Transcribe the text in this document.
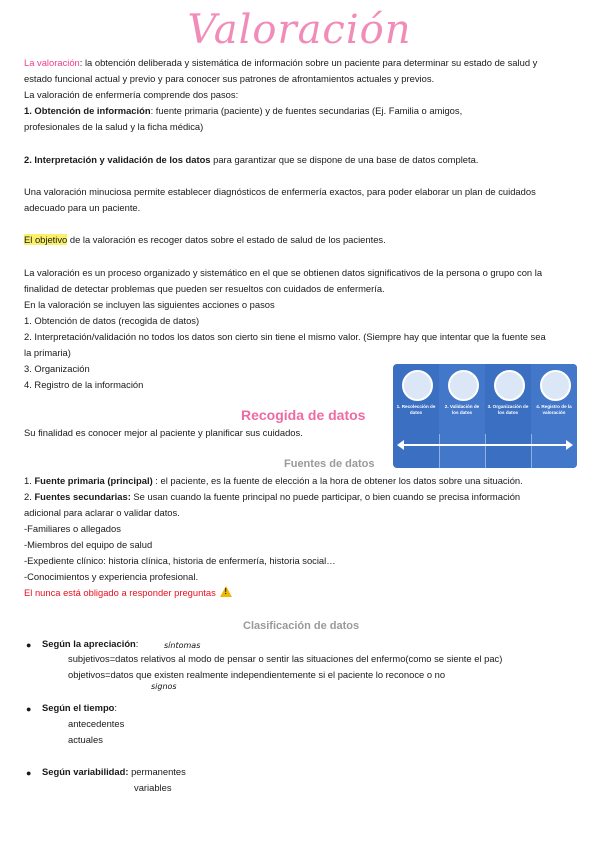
Valoración
La valoración: la obtención deliberada y sistemática de información sobre un paciente para determinar su estado de salud y
estado funcional actual y previo y para conocer sus patrones de afrontamientos actuales y previos.
La valoración de enfermería comprende dos pasos:
1. Obtención de información: fuente primaria (paciente) y de fuentes secundarias (Ej. Familia o amigos,
profesionales de la salud y la ficha médica)
2. Interpretación y validación de los datos para garantizar que se dispone de una base de datos completa.
Una valoración minuciosa permite establecer diagnósticos de enfermería exactos, para poder elaborar un plan de cuidados
adecuado para un paciente.
El objetivo de la valoración es recoger datos sobre el estado de salud de los pacientes.
La valoración es un proceso organizado y sistemático en el que se obtienen datos significativos de la persona o grupo con la
finalidad de detectar problemas que pueden ser resueltos con cuidados de enfermería.
En la valoración se incluyen las siguientes acciones o pasos
1. Obtención de datos (recogida de datos)
2. Interpretación/validación no todos los datos son cierto sin tiene el mismo valor. (Siempre hay que intentar que la fuente sea
la primaria)
3. Organización
4. Registro de la información
1. Recolección de datos
2. Validación de los datos
3. Organización de los datos
4. Registro de la valoración
Recogida de datos
Su finalidad es conocer mejor al paciente y planificar sus cuidados.
Fuentes de datos
1. Fuente primaria (principal) : el paciente, es la fuente de elección a la hora de obtener los datos sobre una situación.
2. Fuentes secundarias: Se usan cuando la fuente principal no puede participar, o bien cuando se precisa información
adicional para aclarar o validar datos.
-Familiares o allegados
-Miembros del equipo de salud
-Expediente clínico: historia clínica, historia de enfermería, historia social…
-Conocimientos y experiencia profesional.
El nunca está obligado a responder preguntas !
Clasificación de datos
● Según la apreciación:	síntomas
subjetivos=datos relativos al modo de pensar o sentir las situaciones del enfermo(como se siente el pac)
objetivos=datos que existen realmente independientemente si el paciente lo reconoce o no
signos
● Según el tiempo:
antecedentes
actuales
● Según variabilidad: permanentes
variables
